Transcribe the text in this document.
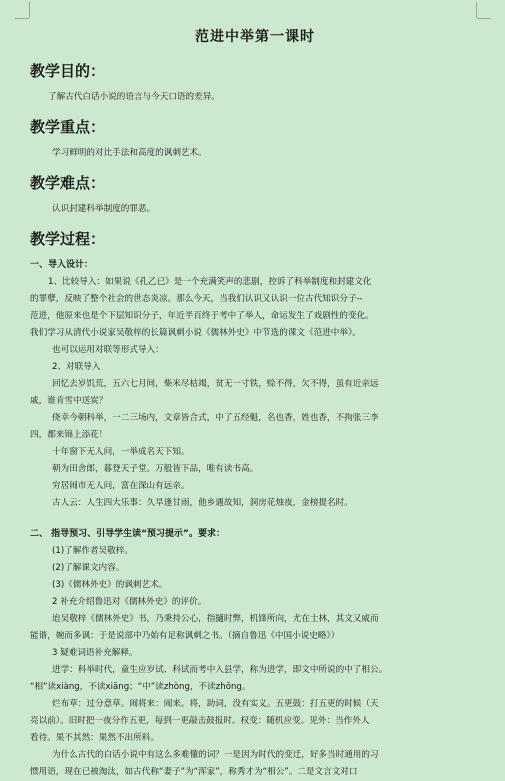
范进中举第一课时
教学目的：

了解古代白话小说的语言与今天口语的差异。

教学重点：

学习鲜明的对比手法和高度的讽刺艺术。

教学难点：

认识封建科举制度的罪恶。

教学过程：

一、导入设计：

1、比较导入：如果说《孔乙已》是一个充满笑声的悲剧，控诉了科举制度和封建文化

的罪孽，反映了整个社会的世态炎凉。那么今天，当我们认识又认识一位古代知识分子--

范进，他原来也是个下层知识分子，年近半百终于考中了举人，命运发生了戏剧性的变化。

我们学习从清代小说家吴敬梓的长篇讽刺小说《儒林外史》中节选的课文《范进中举》。

也可以运用对联等形式导入：

2、对联导入

回忆去岁饥荒，五六七月间，柴米尽枯竭，贫无一寸铁，赊不得，欠不得，虽有近亲远

戚，谁肯雪中送炭？

侥幸今朝科举，一二三场内，文章皆合式，中了五经魁，名也香，姓也香，不拘张三李

四，都来锦上添花！

十年窗下无人问，一举成名天下知。

朝为田舍郎，暮登天子堂。万般皆下品，唯有读书高。

穷居闹市无人问，富在深山有远亲。

古人云：人生四大乐事：久旱逢甘雨，他乡遇故知，洞房花烛夜，金榜提名时。

二、 指导预习、引导学生读“预习提示”。要求：

(1)了解作者吴敬梓。

(2)了解课文内容。

(3)《儒林外史》的讽刺艺术。

2 补充介绍鲁迅对《儒林外史》的评价。

迨吴敬梓《儒林外史》书，乃秉持公心，指擿时弊，机锋所向，尤在士林，其文又威而

能谐，婉而多讽：于是说部中乃始有足称讽刺之书。（摘自鲁迅《中国小说史略》）

3 疑难词语补充解释。

进学：科举时代，童生应岁试、科试而考中入县学，称为进学，即文中所说的中了相公。

“相”读xiàng，不读xiāng；“中”读zhòng，不读zhōng。

烂布草：过分意草。闹将来：闹来。将，助词，没有实义。五更鼓：打五更的时候（天

亮以前）。旧时把一夜分作五更，每到一更敲击鼓报时。权变：随机应变。见外：当作外人

看待。果不其然：果然不出所料。

为什么古代的白话小说中有这么多难懂的词？一是因为时代的变迁，好多当时通用的习

惯用语，现在已被淘汰，如古代称“妻子”为“浑家”，称秀才为“相公”。二是文言文对口
